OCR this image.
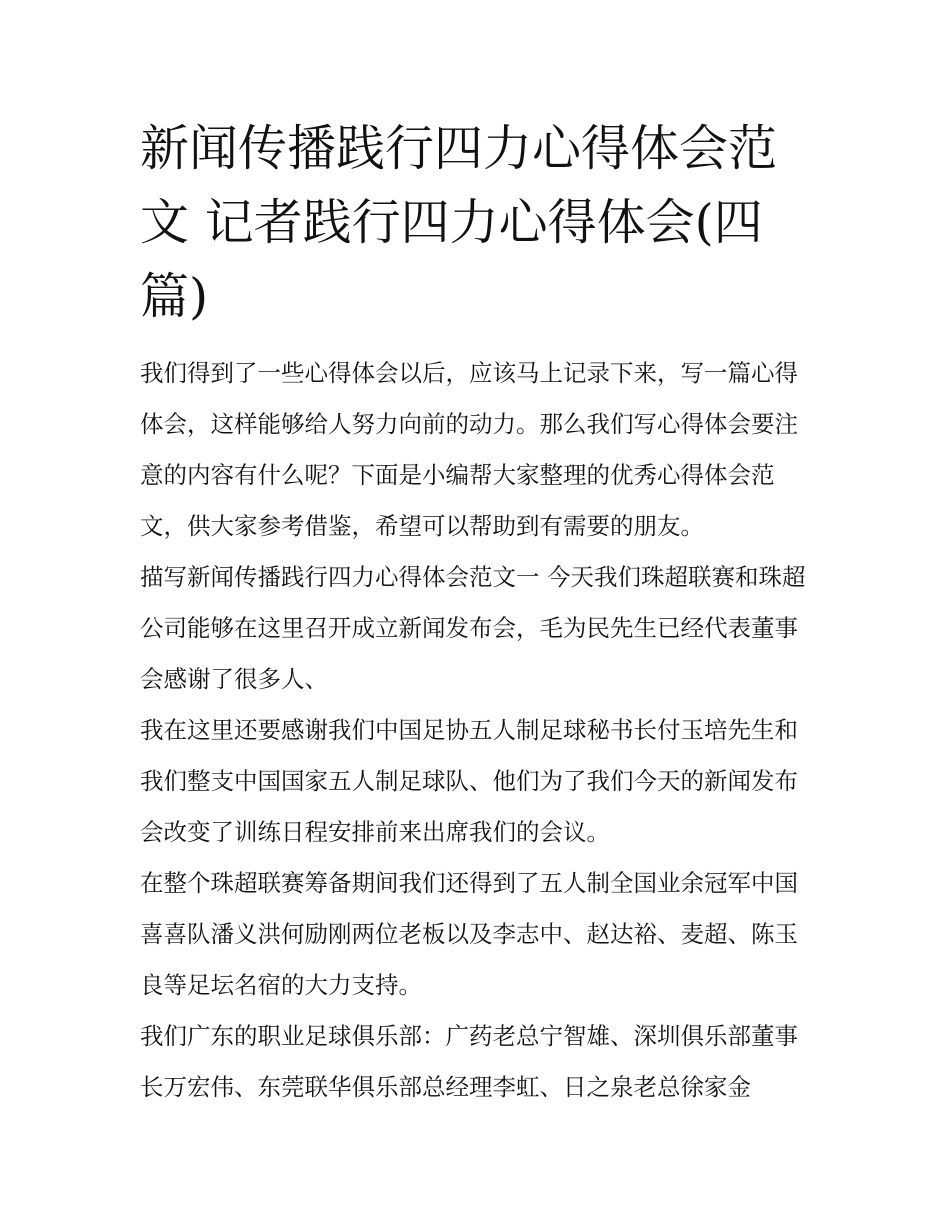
新闻传播践行四力心得体会范文 记者践行四力心得体会(四篇)

我们得到了一些心得体会以后，应该马上记录下来，写一篇心得体会，这样能够给人努力向前的动力。那么我们写心得体会要注意的内容有什么呢？下面是小编帮大家整理的优秀心得体会范文，供大家参考借鉴，希望可以帮助到有需要的朋友。

描写新闻传播践行四力心得体会范文一 今天我们珠超联赛和珠超公司能够在这里召开成立新闻发布会，毛为民先生已经代表董事会感谢了很多人、

我在这里还要感谢我们中国足协五人制足球秘书长付玉培先生和我们整支中国国家五人制足球队、他们为了我们今天的新闻发布会改变了训练日程安排前来出席我们的会议。

在整个珠超联赛筹备期间我们还得到了五人制全国业余冠军中国喜喜队潘义洪何励刚两位老板以及李志中、赵达裕、麦超、陈玉良等足坛名宿的大力支持。

我们广东的职业足球俱乐部：广药老总宁智雄、深圳俱乐部董事长万宏伟、东莞联华俱乐部总经理李虹、日之泉老总徐家金
